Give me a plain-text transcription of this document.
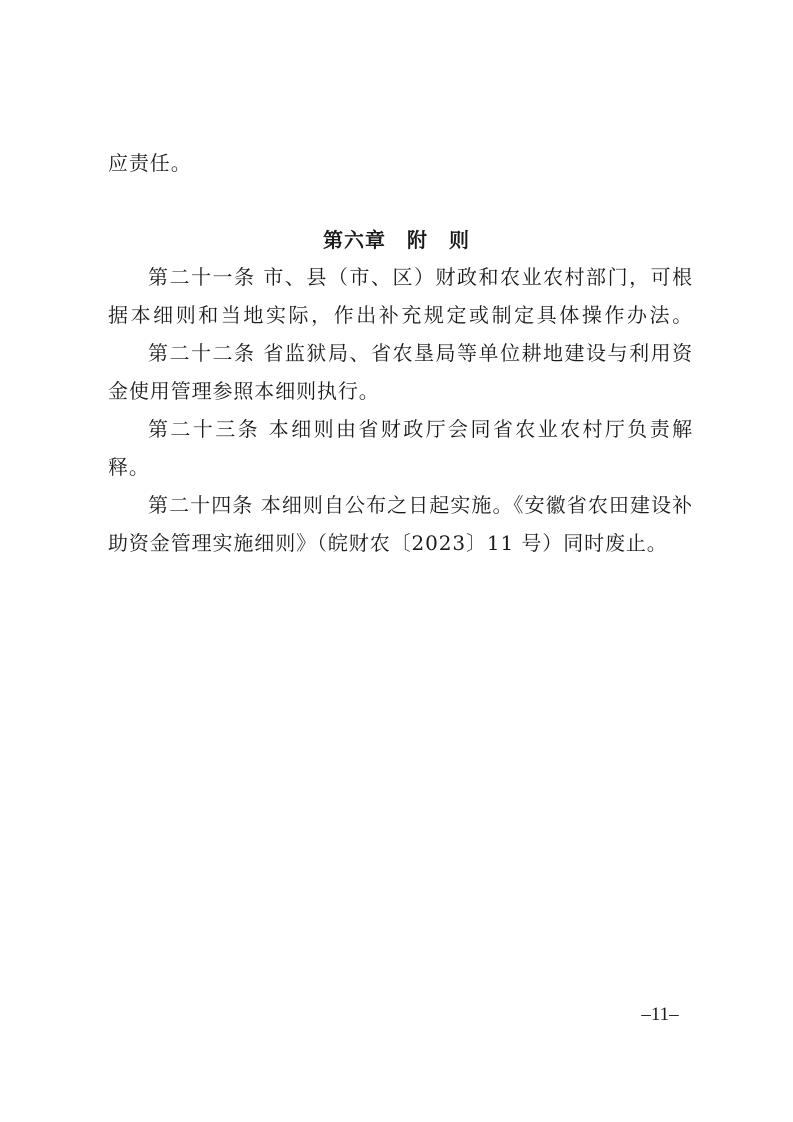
应责任。
第六章　附　则
第二十一条 市、县（市、区）财政和农业农村部门，可根
据本细则和当地实际，作出补充规定或制定具体操作办法。
第二十二条 省监狱局、省农垦局等单位耕地建设与利用资
金使用管理参照本细则执行。
第二十三条 本细则由省财政厅会同省农业农村厅负责解
释。
第二十四条 本细则自公布之日起实施。《安徽省农田建设补
助资金管理实施细则》（皖财农〔2023〕11 号）同时废止。
–11–
